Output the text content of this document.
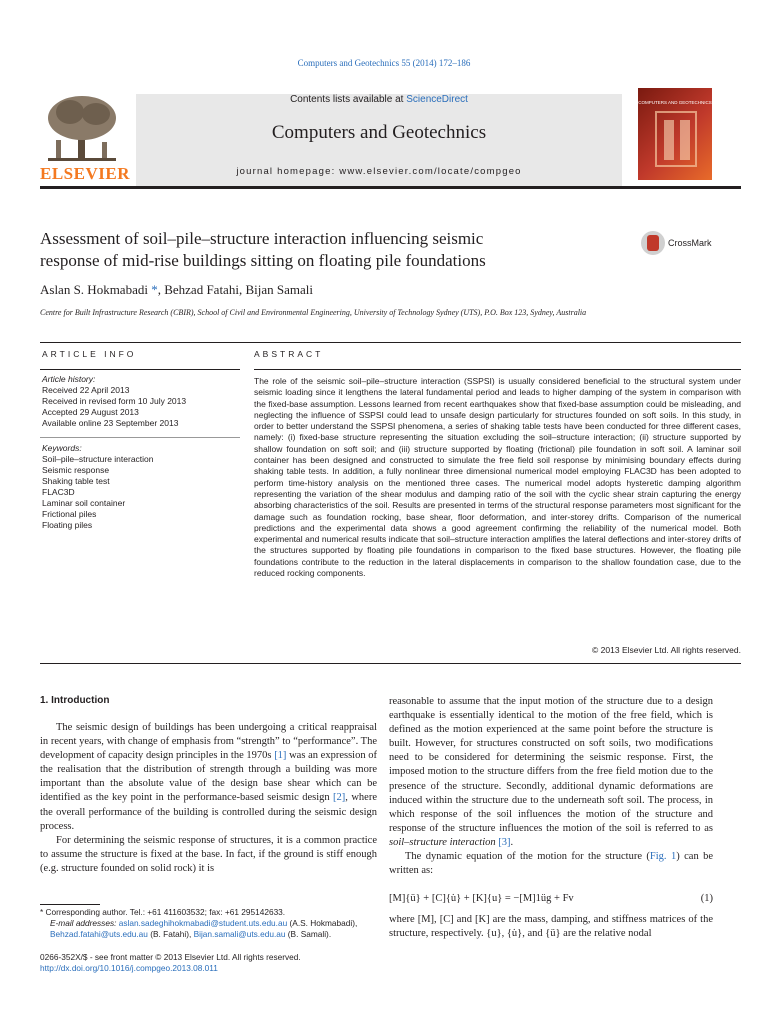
Computers and Geotechnics 55 (2014) 172–186
ELSEVIER
Contents lists available at ScienceDirect
Computers and Geotechnics
journal homepage: www.elsevier.com/locate/compgeo
COMPUTERS AND GEOTECHNICS
Assessment of soil–pile–structure interaction influencing seismic
response of mid-rise buildings sitting on floating pile foundations
CrossMark
Aslan S. Hokmabadi *, Behzad Fatahi, Bijan Samali
Centre for Built Infrastructure Research (CBIR), School of Civil and Environmental Engineering, University of Technology Sydney (UTS), P.O. Box 123, Sydney, Australia
ARTICLE INFO	ABSTRACT
Article history:
Received 22 April 2013
Received in revised form 10 July 2013
Accepted 29 August 2013
Available online 23 September 2013
Keywords:
Soil–pile–structure interaction
Seismic response
Shaking table test
FLAC3D
Laminar soil container
Frictional piles
Floating piles
The role of the seismic soil–pile–structure interaction (SSPSI) is usually considered beneficial to the structural system under seismic loading since it lengthens the lateral fundamental period and leads to higher damping of the system in comparison with the fixed-base assumption. Lessons learned from recent earthquakes show that fixed-base assumption could be misleading, and neglecting the influence of SSPSI could lead to unsafe design particularly for structures founded on soft soils. In this study, in order to better understand the SSPSI phenomena, a series of shaking table tests have been conducted for three different cases, namely: (i) fixed-base structure representing the situation excluding the soil–structure interaction; (ii) structure supported by shallow foundation on soft soil; and (iii) structure supported by floating (frictional) pile foundation in soft soil. A laminar soil container has been designed and constructed to simulate the free field soil response by minimising boundary effects during shaking table tests. In addition, a fully nonlinear three dimensional numerical model employing FLAC3D has been adopted to perform time-history analysis on the mentioned three cases. The numerical model adopts hysteretic damping algorithm representing the variation of the shear modulus and damping ratio of the soil with the cyclic shear strain capturing the energy absorbing characteristics of the soil. Results are presented in terms of the structural response parameters most significant for the damage such as foundation rocking, base shear, floor deformation, and inter-storey drifts. Comparison of the numerical predictions and the experimental data shows a good agreement confirming the reliability of the numerical model. Both experimental and numerical results indicate that soil–structure interaction amplifies the lateral deflections and inter-storey drifts of the structures supported by floating pile foundations in comparison to the fixed base structures. However, the floating pile foundations contribute to the reduction in the lateral displacements in comparison to the shallow foundation case, due to the reduced rocking components.
© 2013 Elsevier Ltd. All rights reserved.
1. Introduction

The seismic design of buildings has been undergoing a critical reappraisal in recent years, with change of emphasis from “strength” to “performance”. The development of capacity design principles in the 1970s [1] was an expression of the realisation that the distribution of strength through a building was more important than the absolute value of the design base shear which can be identified as the key point in the performance-based seismic design [2], where the overall performance of the building is controlled during the seismic design process.

For determining the seismic response of structures, it is a common practice to assume the structure is fixed at the base. In fact, if the ground is stiff enough (e.g. structure founded on solid rock) it is

* Corresponding author. Tel.: +61 411603532; fax: +61 295142633.
E-mail addresses: aslan.sadeghihokmabadi@student.uts.edu.au (A.S. Hokmabadi), Behzad.fatahi@uts.edu.au (B. Fatahi), Bijan.samali@uts.edu.au (B. Samali).
0266-352X/$ - see front matter © 2013 Elsevier Ltd. All rights reserved.
http://dx.doi.org/10.1016/j.compgeo.2013.08.011

reasonable to assume that the input motion of the structure due to a design earthquake is essentially identical to the motion of the free field, which is defined as the motion experienced at the same point before the structure is built. However, for structures constructed on soft soils, two modifications need to be considered for determining the seismic response. First, the imposed motion to the structure differs from the free field motion due to the presence of the structure. Secondly, additional dynamic deformations are induced within the structure due to the underneath soft soil. The process, in which response of the soil influences the motion of the structure and response of the structure influences the motion of the soil is referred to as soil–structure interaction [3].

The dynamic equation of the motion for the structure (Fig. 1) can be written as:

[M]{ü} + [C]{u̇} + [K]{u} = −[M]1üg + Fv	(1)

where [M], [C] and [K] are the mass, damping, and stiffness matrices of the structure, respectively. {u}, {u̇}, and {ü} are the relative nodal
